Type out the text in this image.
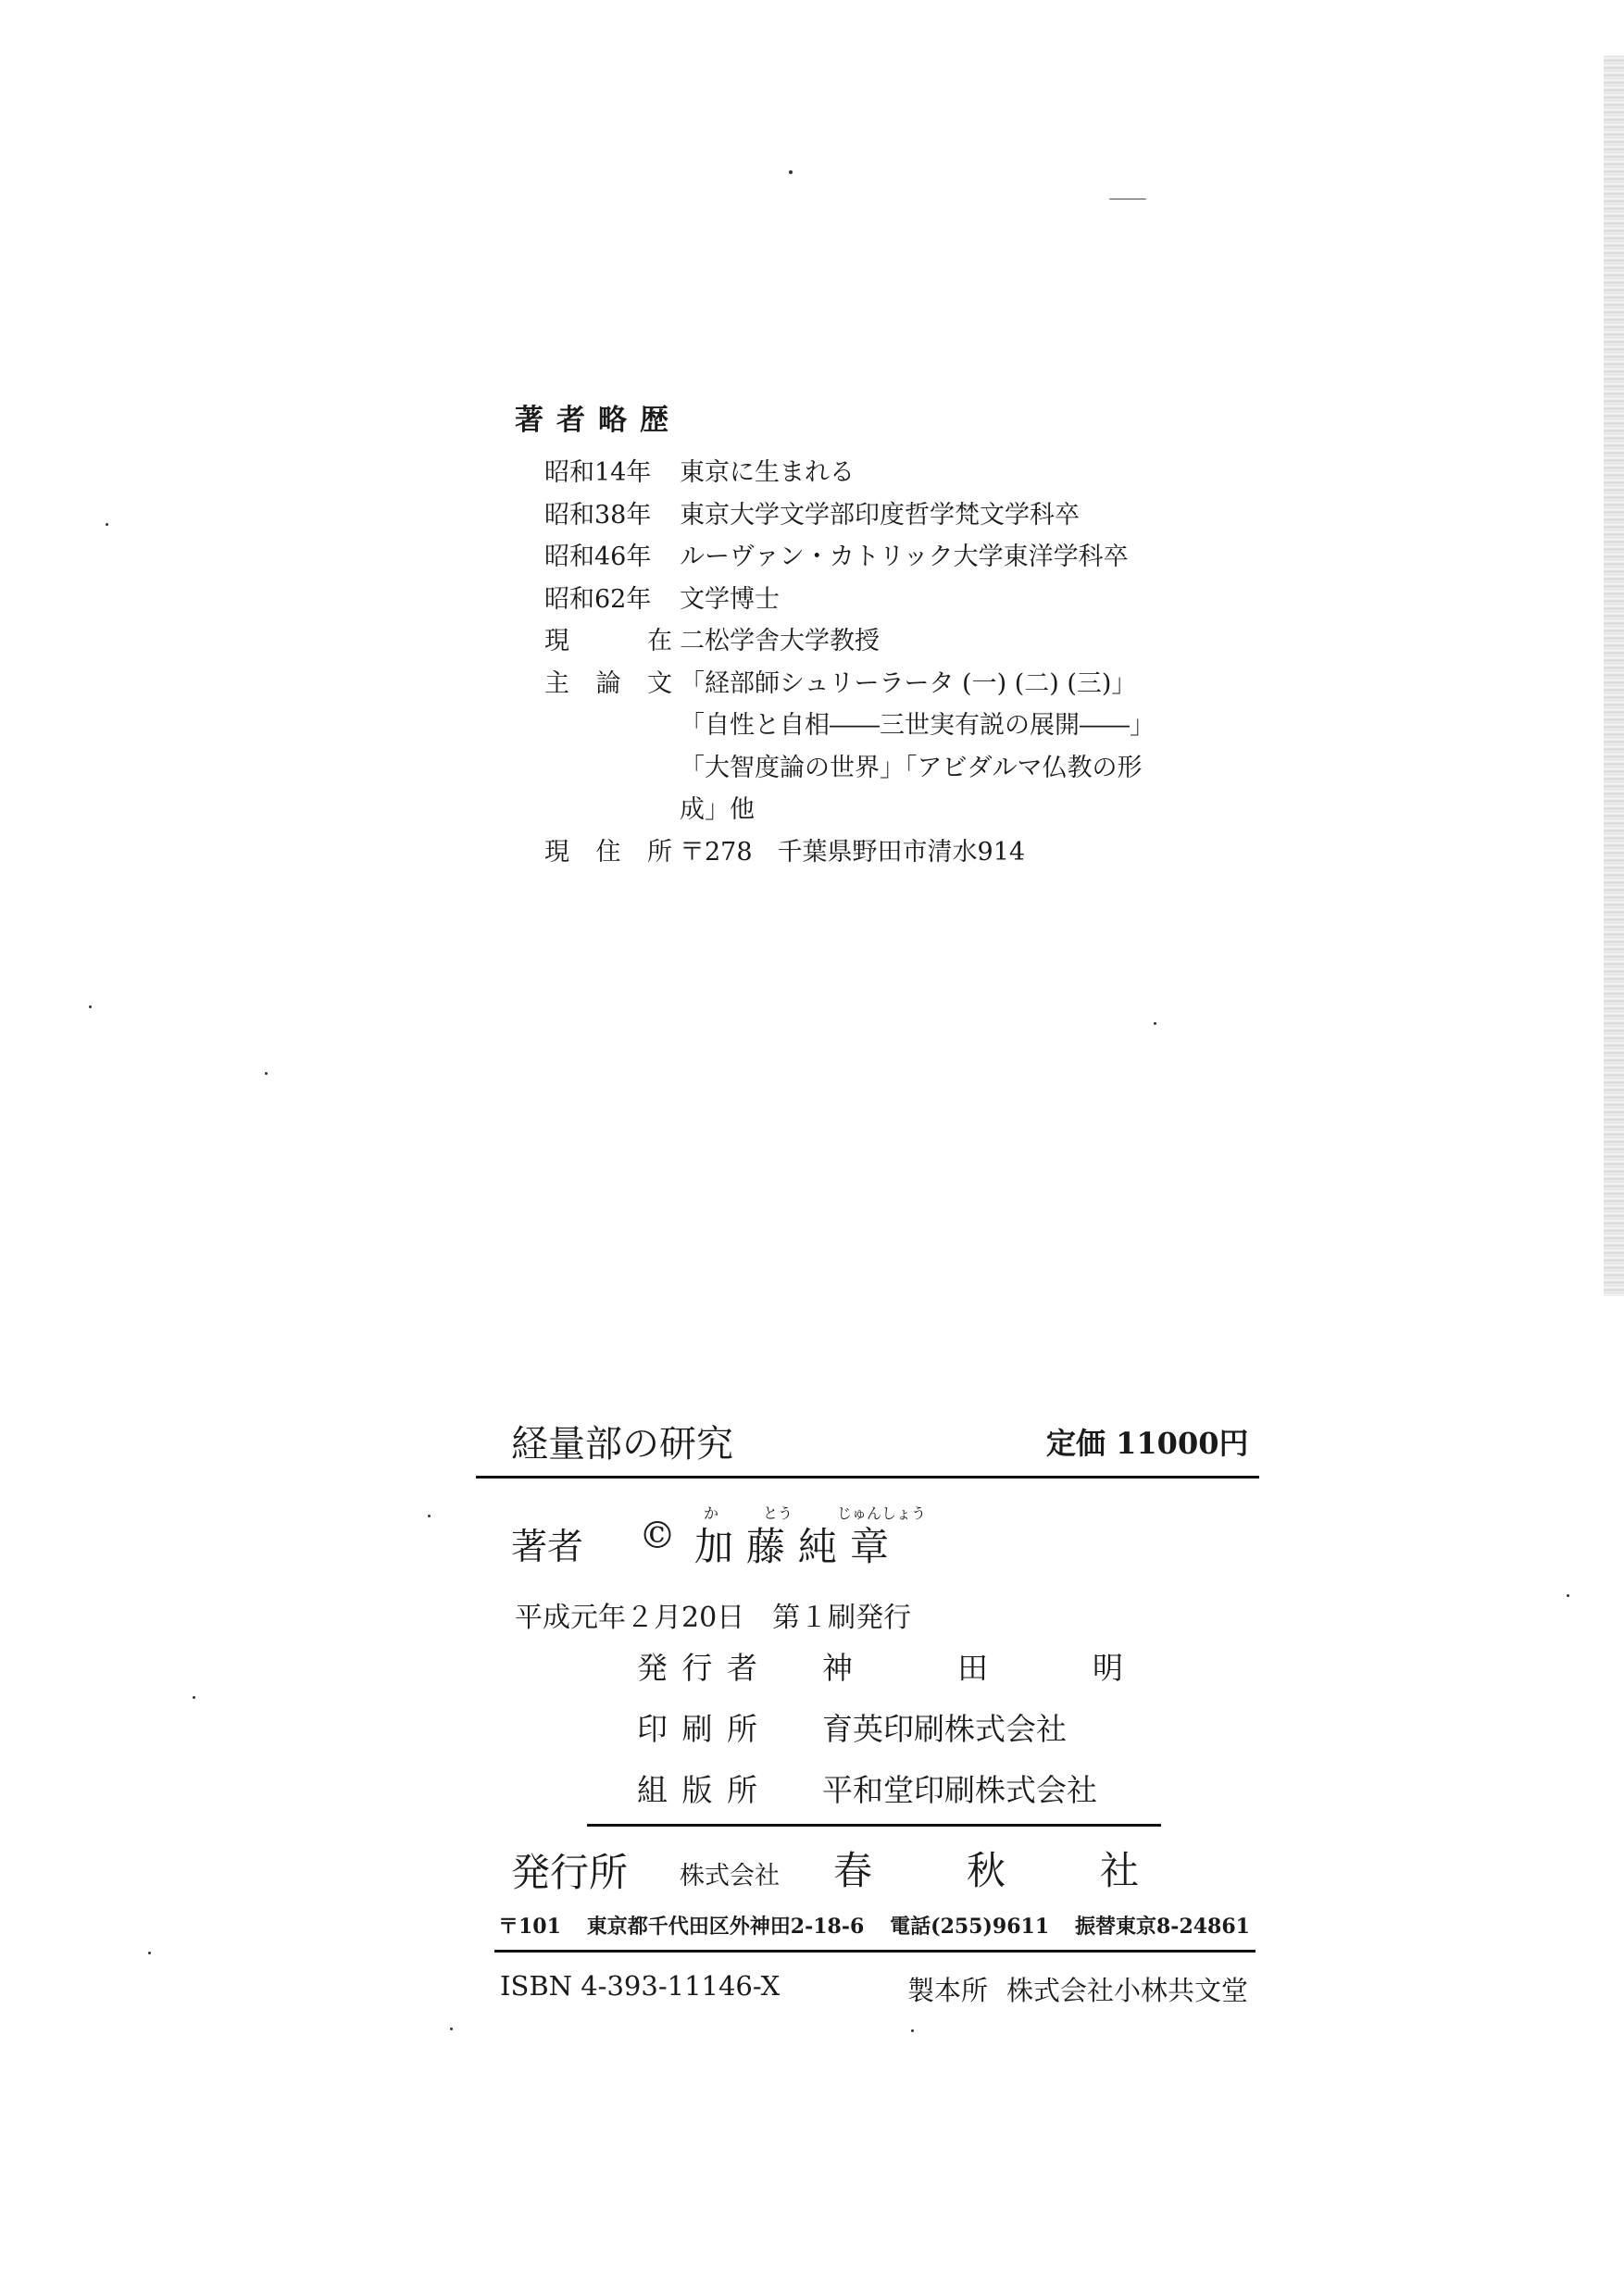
著者略歴
昭和14年	東京に生まれる
昭和38年	東京大学文学部印度哲学梵文学科卒
昭和46年	ルーヴァン・カトリック大学東洋学科卒
昭和62年	文学博士
現在 二松学舎大学教授
主論文 「経部師シュリーラータ (一) (二) (三)」
「自性と自相――三世実有説の展開――」
「大智度論の世界」「アビダルマ仏教の形
成」他
現住所 〒278　千葉県野田市清水914
経量部の研究	定価 11000円
か	とう	じゅんしょう
著者 © 加藤純章
平成元年２月20日　第１刷発行
発行者 神　田　明
印刷所 育英印刷株式会社
組版所 平和堂印刷株式会社
発行所 株式会社 春秋社
〒101 東京都千代田区外神田2-18-6 電話(255)9611 振替東京8-24861
ISBN 4-393-11146-X	製本所 株式会社小林共文堂
